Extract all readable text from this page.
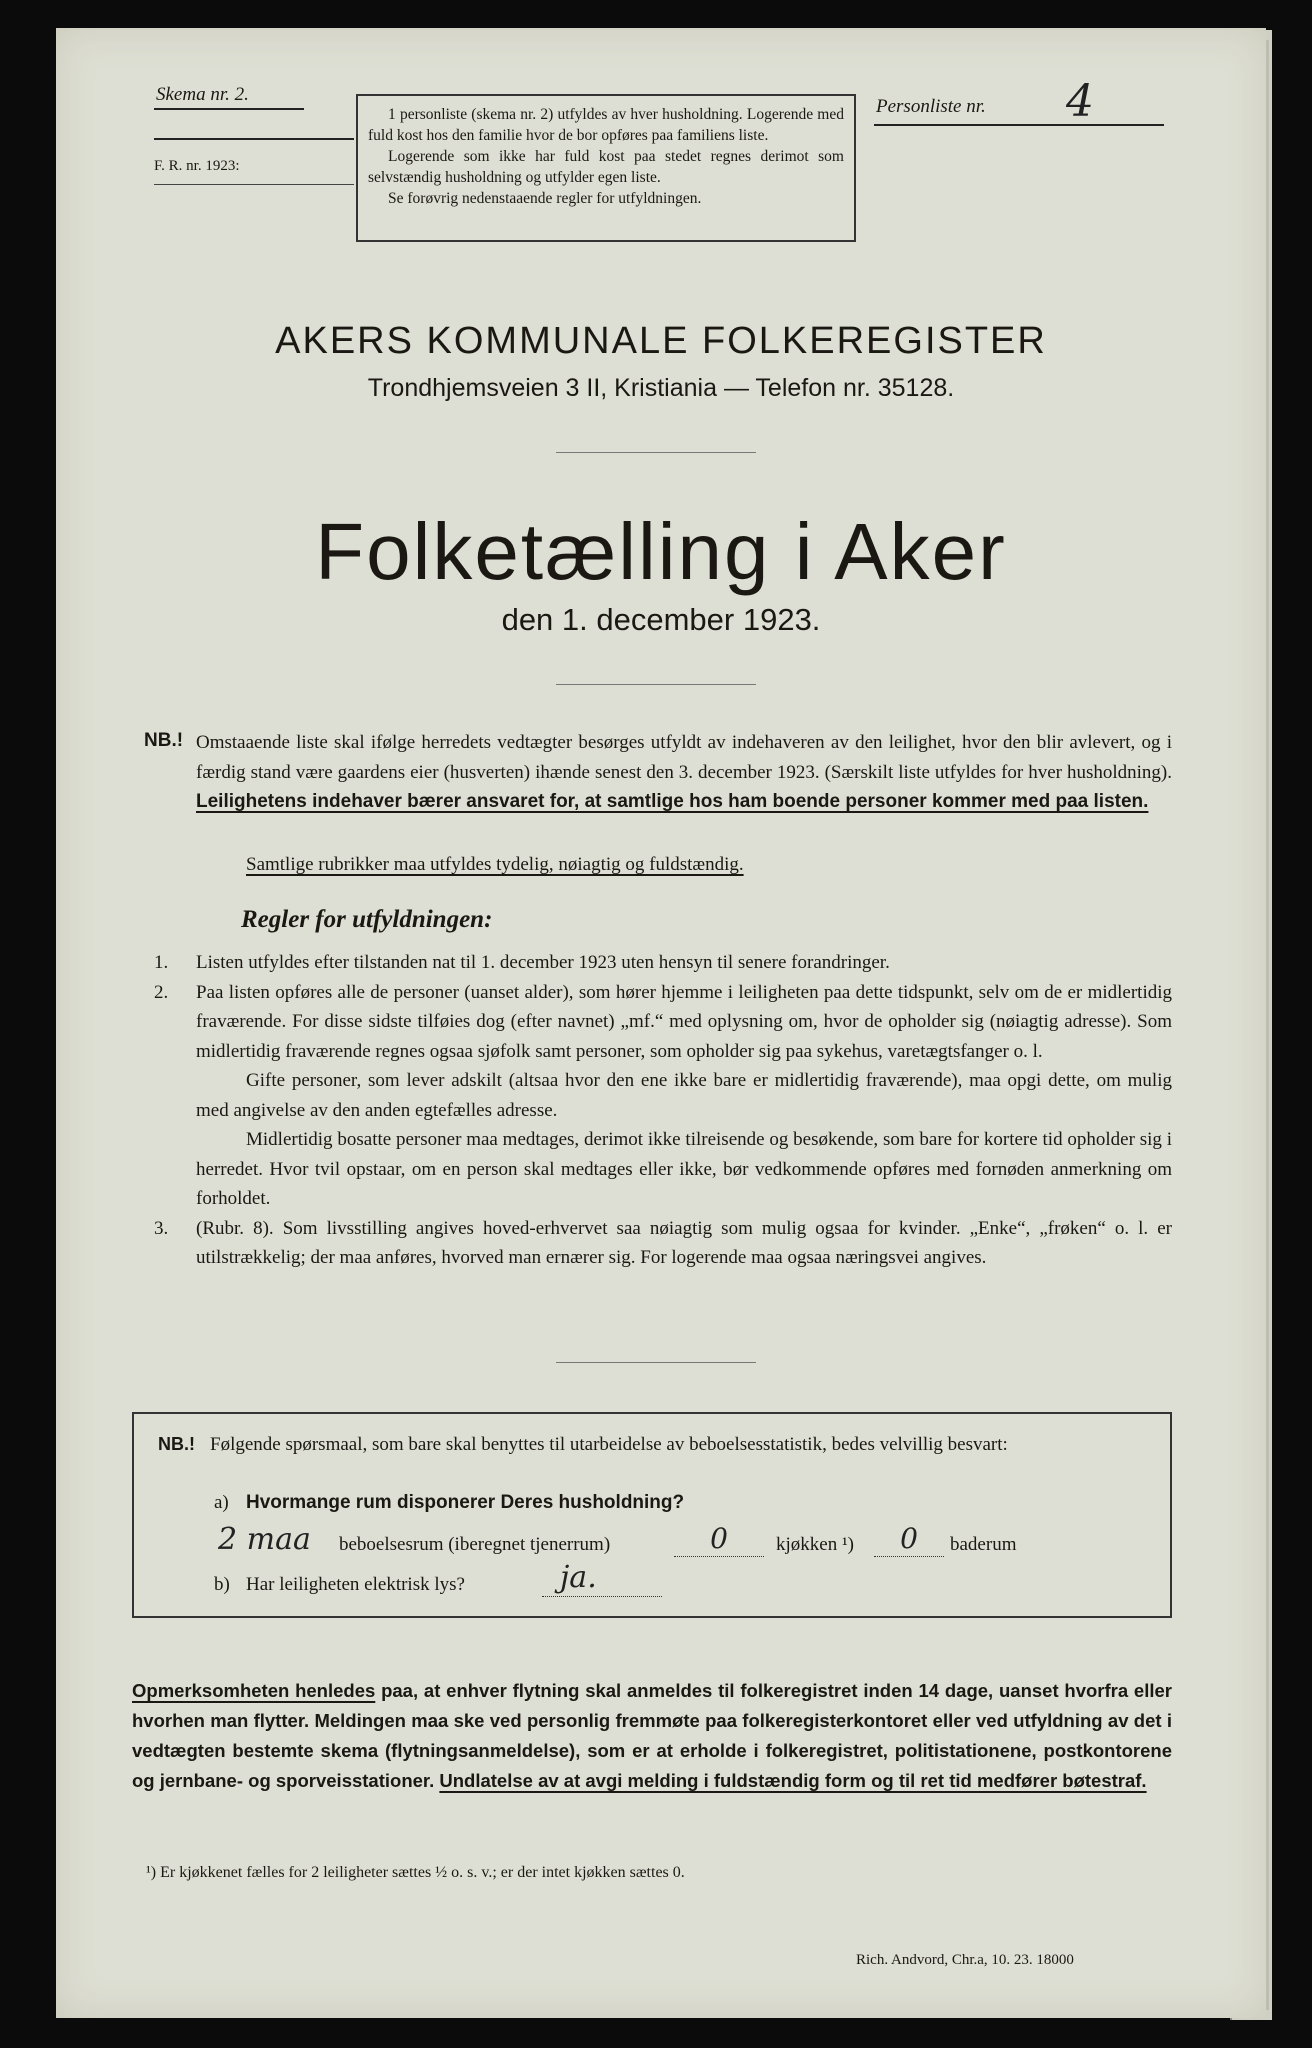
Skema nr. 2.
F. R. nr. 1923:

1 personliste (skema nr. 2) utfyldes av hver husholdning. Logerende med fuld kost hos den familie hvor de bor opføres paa familiens liste.

Logerende som ikke har fuld kost paa stedet regnes derimot som selvstændig husholdning og utfylder egen liste.

Se forøvrig nedenstaaende regler for utfyldningen.

Personliste nr. 4
AKERS KOMMUNALE FOLKEREGISTER
Trondhjemsveien 3 II, Kristiania — Telefon nr. 35128.
Folketælling i Aker
den 1. december 1923.
NB.! Omstaaende liste skal ifølge herredets vedtægter besørges utfyldt av indehaveren av den leilighet, hvor den blir avlevert, og i færdig stand være gaardens eier (husverten) ihænde senest den 3. december 1923. (Særskilt liste utfyldes for hver husholdning). Leilighetens indehaver bærer ansvaret for, at samtlige hos ham boende personer kommer med paa listen.
Samtlige rubrikker maa utfyldes tydelig, nøiagtig og fuldstændig.
Regler for utfyldningen:
1. Listen utfyldes efter tilstanden nat til 1. december 1923 uten hensyn til senere forandringer.
2. Paa listen opføres alle de personer (uanset alder), som hører hjemme i leiligheten paa dette tidspunkt, selv om de er midlertidig fraværende. For disse sidste tilføies dog (efter navnet) „mf.“ med oplysning om, hvor de opholder sig (nøiagtig adresse). Som midlertidig fraværende regnes ogsaa sjøfolk samt personer, som opholder sig paa sykehus, varetægtsfanger o. l.
Gifte personer, som lever adskilt (altsaa hvor den ene ikke bare er midlertidig fraværende), maa opgi dette, om mulig med angivelse av den anden egtefælles adresse.
Midlertidig bosatte personer maa medtages, derimot ikke tilreisende og besøkende, som bare for kortere tid opholder sig i herredet. Hvor tvil opstaar, om en person skal medtages eller ikke, bør vedkommende opføres med fornøden anmerkning om forholdet.
3. (Rubr. 8). Som livsstilling angives hoved-erhvervet saa nøiagtig som mulig ogsaa for kvinder. „Enke“, „frøken“ o. l. er utilstrækkelig; der maa anføres, hvorved man ernærer sig. For logerende maa ogsaa næringsvei angives.
NB.! Følgende spørsmaal, som bare skal benyttes til utarbeidelse av beboelsesstatistik, bedes velvillig besvart:
a) Hvormange rum disponerer Deres husholdning?
2 maa beboelsesrum (iberegnet tjenerrum)	0	kjøkken ¹)	0	baderum
b) Har leiligheten elektrisk lys?	ja.
Opmerksomheten henledes paa, at enhver flytning skal anmeldes til folkeregistret inden 14 dage, uanset hvorfra eller hvorhen man flytter. Meldingen maa ske ved personlig fremmøte paa folkeregisterkontoret eller ved utfyldning av det i vedtægten bestemte skema (flytningsanmeldelse), som er at erholde i folkeregistret, politistationene, postkontorene og jernbane- og sporveisstationer. Undlatelse av at avgi melding i fuldstændig form og til ret tid medfører bøtestraf.
¹) Er kjøkkenet fælles for 2 leiligheter sættes ½ o. s. v.; er der intet kjøkken sættes 0.
Rich. Andvord, Chr.a, 10. 23. 18000
